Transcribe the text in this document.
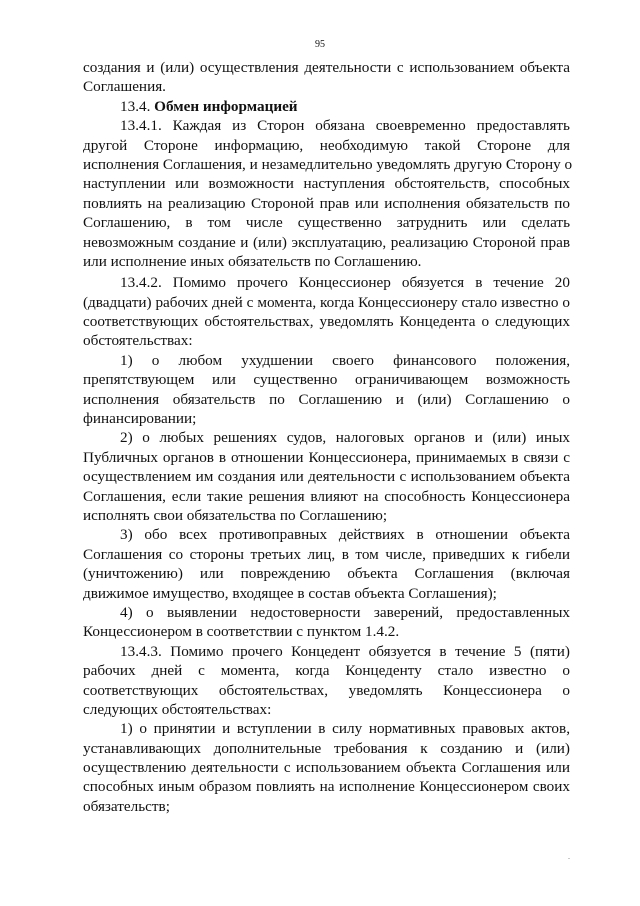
95
создания и (или) осуществления деятельности с использованием объекта
Соглашения.
13.4. Обмен информацией
13.4.1. Каждая из Сторон обязана своевременно предоставлять
другой Стороне информацию, необходимую такой Стороне для
исполнения Соглашения, и незамедлительно уведомлять другую Сторону о
наступлении или возможности наступления обстоятельств, способных
повлиять на реализацию Стороной прав или исполнения обязательств по
Соглашению, в том числе существенно затруднить или сделать
невозможным создание и (или) эксплуатацию, реализацию Стороной прав
или исполнение иных обязательств по Соглашению.
13.4.2. Помимо прочего Концессионер обязуется в течение 20
(двадцати) рабочих дней с момента, когда Концессионеру стало известно о
соответствующих обстоятельствах, уведомлять Концедента о следующих
обстоятельствах:
1) о любом ухудшении своего финансового положения,
препятствующем или существенно ограничивающем возможность
исполнения обязательств по Соглашению и (или) Соглашению о
финансировании;
2) о любых решениях судов, налоговых органов и (или) иных
Публичных органов в отношении Концессионера, принимаемых в связи с
осуществлением им создания или деятельности с использованием объекта
Соглашения, если такие решения влияют на способность Концессионера
исполнять свои обязательства по Соглашению;
3) обо всех противоправных действиях в отношении объекта
Соглашения со стороны третьих лиц, в том числе, приведших к гибели
(уничтожению) или повреждению объекта Соглашения (включая
движимое имущество, входящее в состав объекта Соглашения);
4) о выявлении недостоверности заверений, предоставленных
Концессионером в соответствии с пунктом 1.4.2.
13.4.3. Помимо прочего Концедент обязуется в течение 5 (пяти)
рабочих дней с момента, когда Концеденту стало известно о
соответствующих обстоятельствах, уведомлять Концессионера о
следующих обстоятельствах:
1) о принятии и вступлении в силу нормативных правовых актов,
устанавливающих дополнительные требования к созданию и (или)
осуществлению деятельности с использованием объекта Соглашения или
способных иным образом повлиять на исполнение Концессионером своих
обязательств;
.
